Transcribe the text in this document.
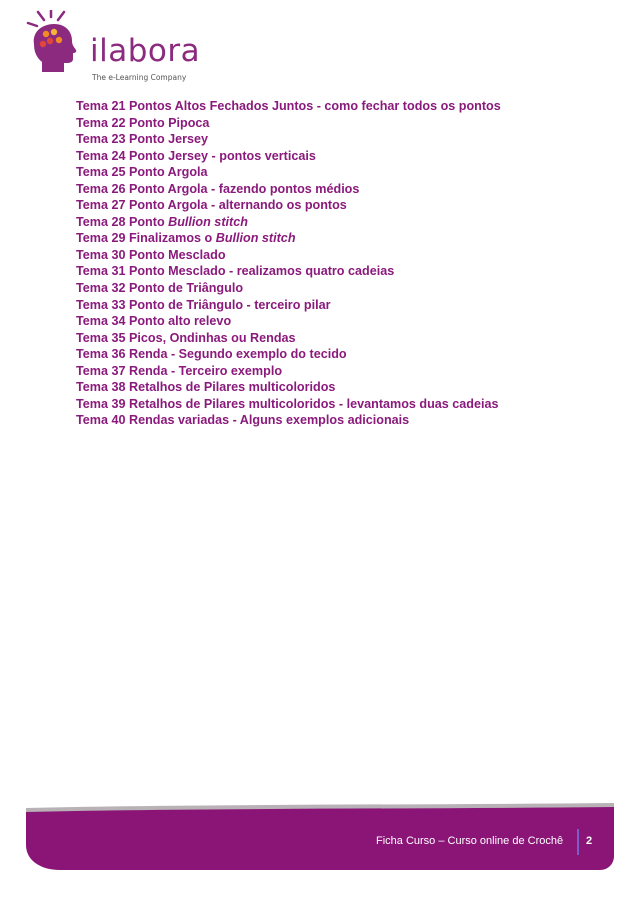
ilabora
The e-Learning Company
Tema 21 Pontos Altos Fechados Juntos - como fechar todos os pontos
Tema 22 Ponto Pipoca
Tema 23 Ponto Jersey
Tema 24 Ponto Jersey - pontos verticais
Tema 25 Ponto Argola
Tema 26 Ponto Argola - fazendo pontos médios
Tema 27 Ponto Argola - alternando os pontos
Tema 28 Ponto Bullion stitch
Tema 29 Finalizamos o Bullion stitch
Tema 30 Ponto Mesclado
Tema 31 Ponto Mesclado - realizamos quatro cadeias
Tema 32 Ponto de Triângulo
Tema 33 Ponto de Triângulo - terceiro pilar
Tema 34 Ponto alto relevo
Tema 35 Picos, Ondinhas ou Rendas
Tema 36 Renda - Segundo exemplo do tecido
Tema 37 Renda - Terceiro exemplo
Tema 38 Retalhos de Pilares multicoloridos
Tema 39 Retalhos de Pilares multicoloridos - levantamos duas cadeias
Tema 40 Rendas variadas - Alguns exemplos adicionais
Ficha Curso – Curso online de Crochê 2
